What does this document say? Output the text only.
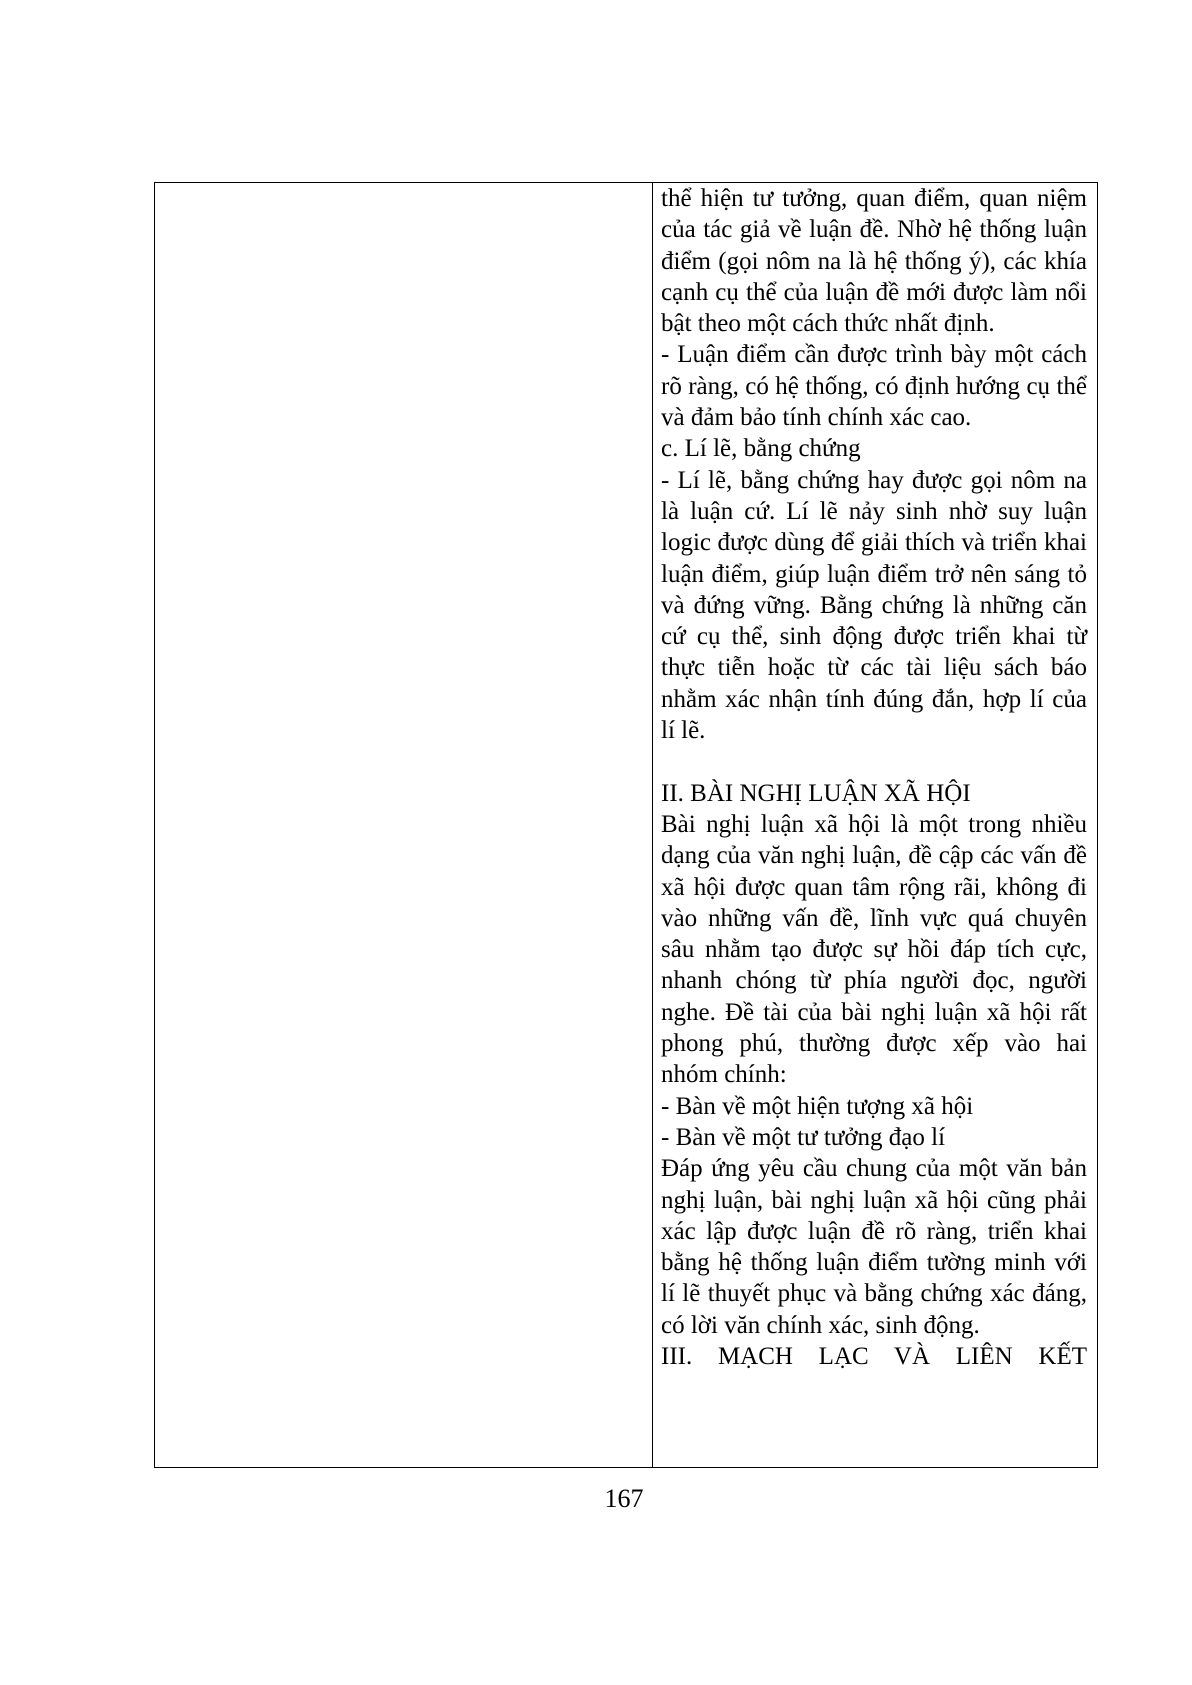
thể hiện tư tưởng, quan điểm, quan niệm của tác giả về luận đề. Nhờ hệ thống luận điểm (gọi nôm na là hệ thống ý), các khía cạnh cụ thể của luận đề mới được làm nổi bật theo một cách thức nhất định.

- Luận điểm cần được trình bày một cách rõ ràng, có hệ thống, có định hướng cụ thể và đảm bảo tính chính xác cao.

c. Lí lẽ, bằng chứng

- Lí lẽ, bằng chứng hay được gọi nôm na là luận cứ. Lí lẽ nảy sinh nhờ suy luận logic được dùng để giải thích và triển khai luận điểm, giúp luận điểm trở nên sáng tỏ và đứng vững. Bằng chứng là những căn cứ cụ thể, sinh động được triển khai từ thực tiễn hoặc từ các tài liệu sách báo nhằm xác nhận tính đúng đắn, hợp lí của lí lẽ.

II. BÀI NGHỊ LUẬN XÃ HỘI

Bài nghị luận xã hội là một trong nhiều dạng của văn nghị luận, đề cập các vấn đề xã hội được quan tâm rộng rãi, không đi vào những vấn đề, lĩnh vực quá chuyên sâu nhằm tạo được sự hồi đáp tích cực, nhanh chóng từ phía người đọc, người nghe. Đề tài của bài nghị luận xã hội rất phong phú, thường được xếp vào hai nhóm chính:

- Bàn về một hiện tượng xã hội

- Bàn về một tư tưởng đạo lí

Đáp ứng yêu cầu chung của một văn bản nghị luận, bài nghị luận xã hội cũng phải xác lập được luận đề rõ ràng, triển khai bằng hệ thống luận điểm tường minh với lí lẽ thuyết phục và bằng chứng xác đáng, có lời văn chính xác, sinh động.

III. MẠCH LẠC VÀ LIÊN KẾT

167
